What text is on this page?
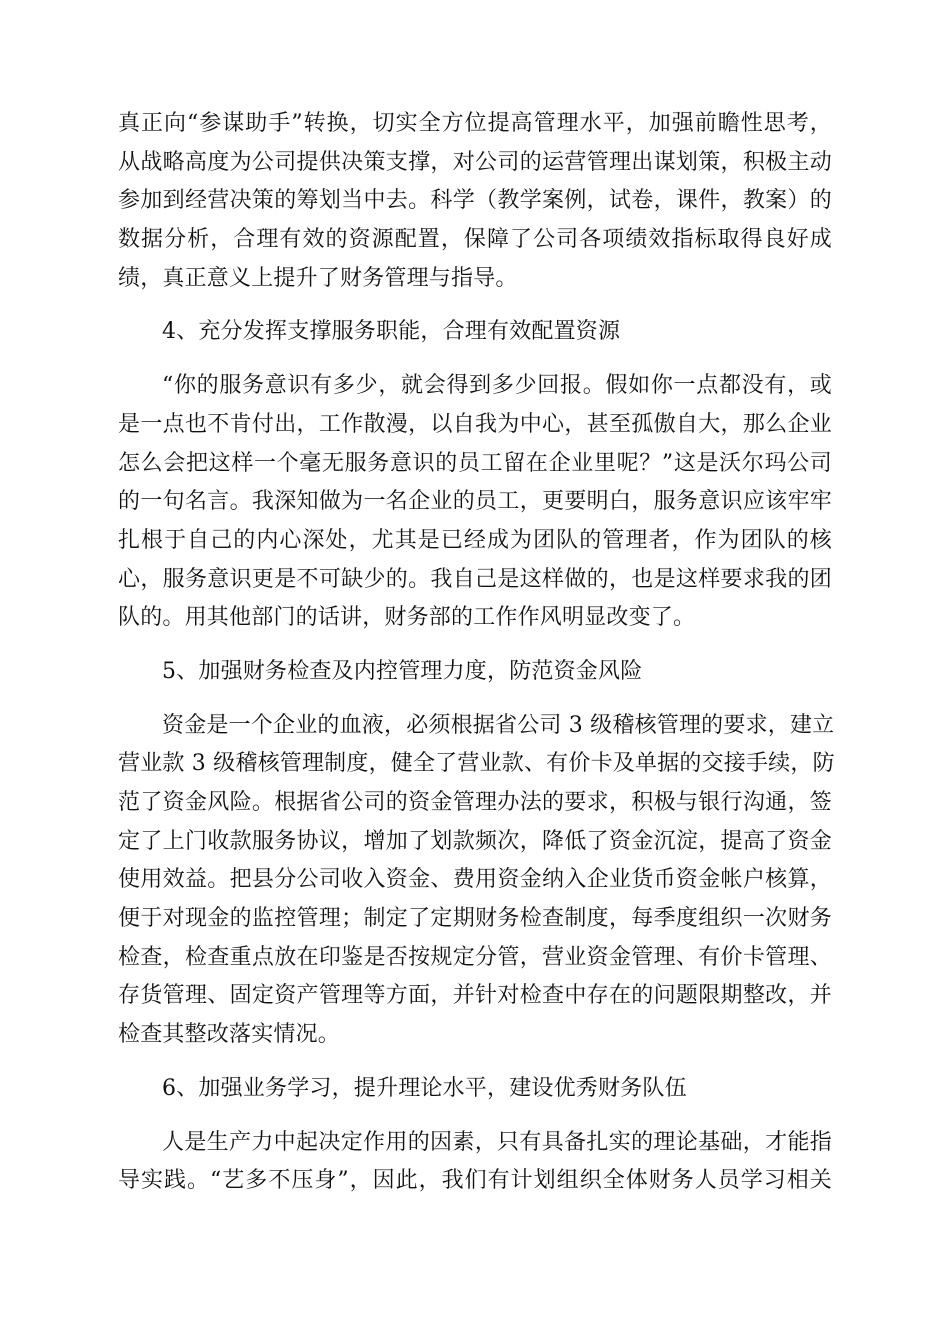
真正向“参谋助手”转换，切实全方位提高管理水平，加强前瞻性思考，
从战略高度为公司提供决策支撑，对公司的运营管理出谋划策，积极主动
参加到经营决策的筹划当中去。科学（教学案例，试卷，课件，教案）的
数据分析，合理有效的资源配置，保障了公司各项绩效指标取得良好成
绩，真正意义上提升了财务管理与指导。
4、充分发挥支撑服务职能，合理有效配置资源
“你的服务意识有多少，就会得到多少回报。假如你一点都没有，或
是一点也不肯付出，工作散漫，以自我为中心，甚至孤傲自大，那么企业
怎么会把这样一个毫无服务意识的员工留在企业里呢？”这是沃尔玛公司
的一句名言。我深知做为一名企业的员工，更要明白，服务意识应该牢牢
扎根于自己的内心深处，尤其是已经成为团队的管理者，作为团队的核
心，服务意识更是不可缺少的。我自己是这样做的，也是这样要求我的团
队的。用其他部门的话讲，财务部的工作作风明显改变了。
5、加强财务检查及内控管理力度，防范资金风险
资金是一个企业的血液，必须根据省公司 3 级稽核管理的要求，建立
营业款 3 级稽核管理制度，健全了营业款、有价卡及单据的交接手续，防
范了资金风险。根据省公司的资金管理办法的要求，积极与银行沟通，签
定了上门收款服务协议，增加了划款频次，降低了资金沉淀，提高了资金
使用效益。把县分公司收入资金、费用资金纳入企业货币资金帐户核算，
便于对现金的监控管理；制定了定期财务检查制度，每季度组织一次财务
检查，检查重点放在印鉴是否按规定分管，营业资金管理、有价卡管理、
存货管理、固定资产管理等方面，并针对检查中存在的问题限期整改，并
检查其整改落实情况。
6、加强业务学习，提升理论水平，建设优秀财务队伍
人是生产力中起决定作用的因素，只有具备扎实的理论基础，才能指
导实践。“艺多不压身”，因此，我们有计划组织全体财务人员学习相关
